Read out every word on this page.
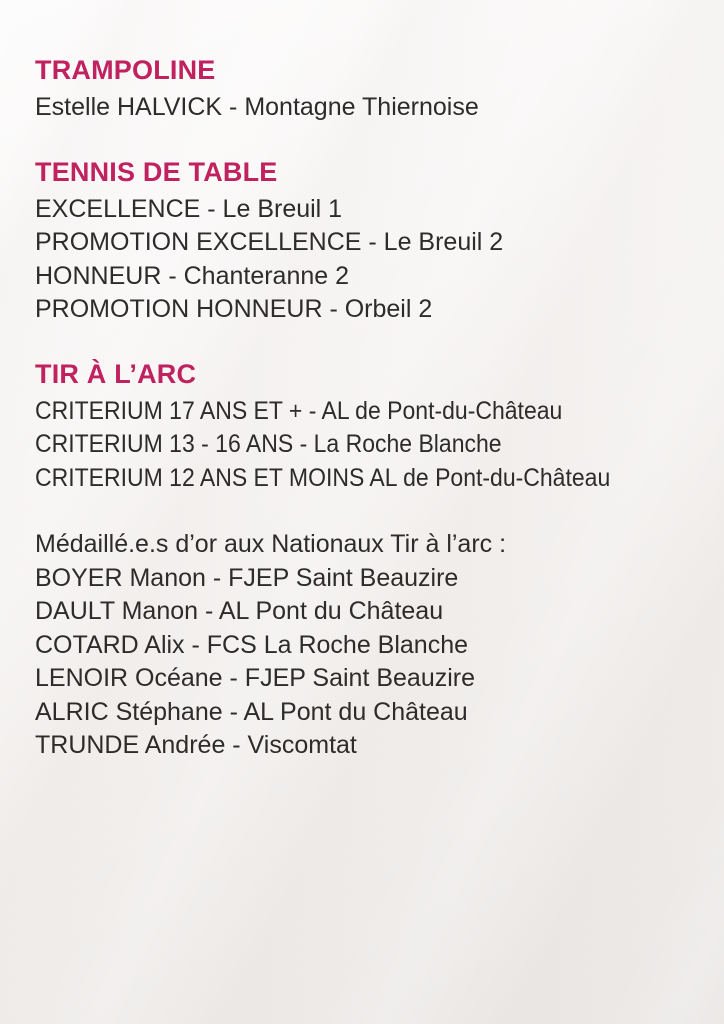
TRAMPOLINE

Estelle HALVICK - Montagne Thiernoise

TENNIS DE TABLE

EXCELLENCE - Le Breuil 1

PROMOTION EXCELLENCE - Le Breuil 2

HONNEUR - Chanteranne 2

PROMOTION HONNEUR - Orbeil 2

TIR À L’ARC

CRITERIUM 17 ANS ET + - AL de Pont-du-Château

CRITERIUM 13 - 16 ANS - La Roche Blanche

CRITERIUM 12 ANS ET MOINS AL de Pont-du-Château

Médaillé.e.s d’or aux Nationaux Tir à l’arc :

BOYER Manon - FJEP Saint Beauzire

DAULT Manon - AL Pont du Château

COTARD Alix - FCS La Roche Blanche

LENOIR Océane - FJEP Saint Beauzire

ALRIC Stéphane - AL Pont du Château

TRUNDE Andrée - Viscomtat
